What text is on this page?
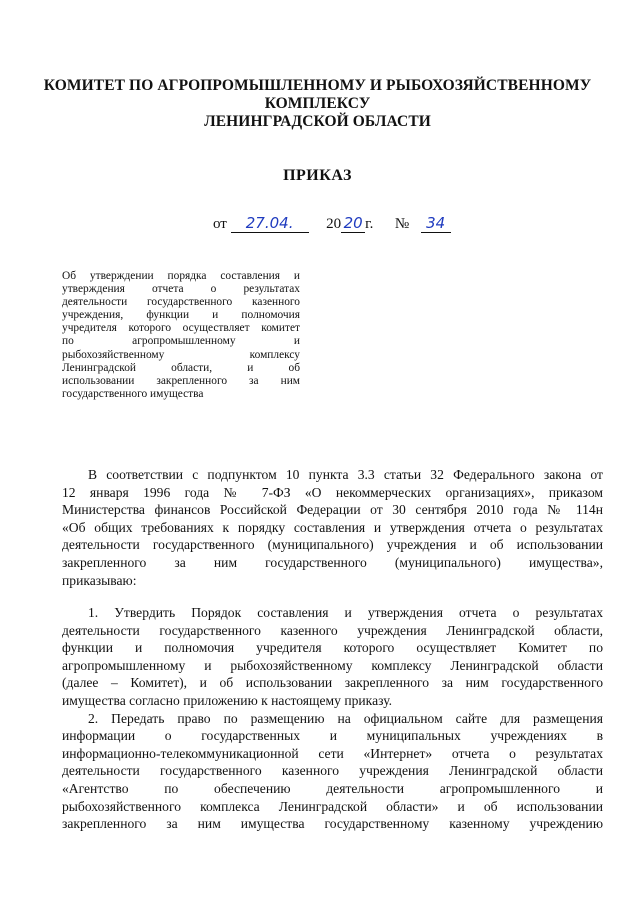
КОМИТЕТ ПО АГРОПРОМЫШЛЕННОМУ И РЫБОХОЗЯЙСТВЕННОМУ
КОМПЛЕКСУ
ЛЕНИНГРАДСКОЙ ОБЛАСТИ
ПРИКАЗ
от 27.04. 20 20 г. № 34
Об утверждении порядка составления и
утверждения отчета о результатах
деятельности государственного казенного
учреждения, функции и полномочия
учредителя которого осуществляет комитет
по агропромышленному и
рыбохозяйственному комплексу
Ленинградской области, и об
использовании закрепленного за ним
государственного имущества
В соответствии с подпунктом 10 пункта 3.3 статьи 32 Федерального закона от
12 января 1996 года № 7-ФЗ «О некоммерческих организациях», приказом
Министерства финансов Российской Федерации от 30 сентября 2010 года № 114н
«Об общих требованиях к порядку составления и утверждения отчета о результатах
деятельности государственного (муниципального) учреждения и об использовании
закрепленного за ним государственного (муниципального) имущества»,
приказываю:
1. Утвердить Порядок составления и утверждения отчета о результатах
деятельности государственного казенного учреждения Ленинградской области,
функции и полномочия учредителя которого осуществляет Комитет по
агропромышленному и рыбохозяйственному комплексу Ленинградской области
(далее – Комитет), и об использовании закрепленного за ним государственного
имущества согласно приложению к настоящему приказу.
2. Передать право по размещению на официальном сайте для размещения
информации о государственных и муниципальных учреждениях в
информационно-телекоммуникационной сети «Интернет» отчета о результатах
деятельности государственного казенного учреждения Ленинградской области
«Агентство по обеспечению деятельности агропромышленного и
рыбохозяйственного комплекса Ленинградской области» и об использовании
закрепленного за ним имущества государственному казенному учреждению
